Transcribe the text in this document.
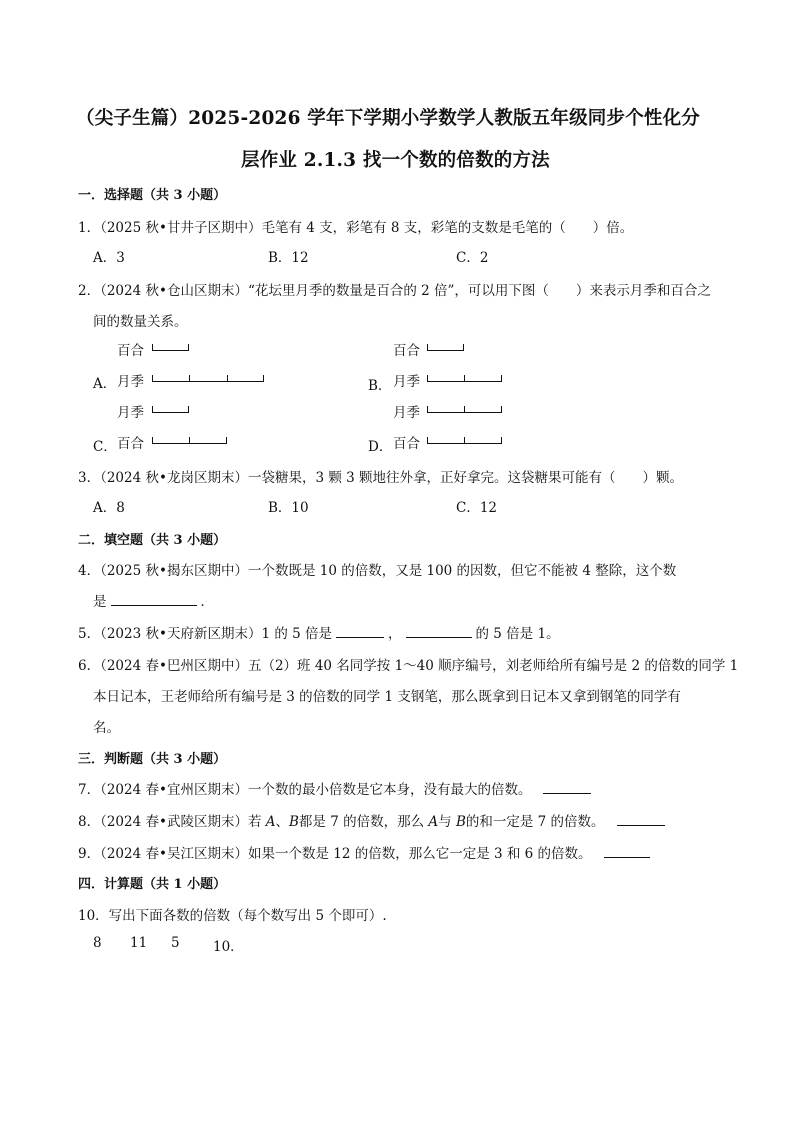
（尖子生篇）2025-2026 学年下学期小学数学人教版五年级同步个性化分
层作业 2.1.3 找一个数的倍数的方法
一．选择题（共 3 小题）
1．（2025 秋•甘井子区期中）毛笔有 4 支，彩笔有 8 支，彩笔的支数是毛笔的（　　）倍。
A．3	B．12	C．2
2．（2024 秋•仓山区期末）“花坛里月季的数量是百合的 2 倍”，可以用下图（　　）来表示月季和百合之
间的数量关系。
百合
A． 月季
百合
B． 月季
月季
C． 百合
月季
D． 百合
3．（2024 秋•龙岗区期末）一袋糖果，3 颗 3 颗地往外拿，正好拿完。这袋糖果可能有（　　）颗。
A．8	B．10	C．12
二．填空题（共 3 小题）
4．（2025 秋•揭东区期中）一个数既是 10 的倍数，又是 100 的因数，但它不能被 4 整除，这个数
是	．
5．（2023 秋•天府新区期末）1 的 5 倍是	，	的 5 倍是 1。
6．（2024 春•巴州区期中）五（2）班 40 名同学按 1～40 顺序编号，刘老师给所有编号是 2 的倍数的同学 1
本日记本，王老师给所有编号是 3 的倍数的同学 1 支钢笔，那么既拿到日记本又拿到钢笔的同学有
名。
三．判断题（共 3 小题）
7．（2024 春•宜州区期末）一个数的最小倍数是它本身，没有最大的倍数。
8．（2024 春•武陵区期末）若 A、B都是 7 的倍数，那么 A与 B的和一定是 7 的倍数。
9．（2024 春•吴江区期末）如果一个数是 12 的倍数，那么它一定是 3 和 6 的倍数。
四．计算题（共 1 小题）
10．写出下面各数的倍数（每个数写出 5 个即可）.
8 11 5 10．
